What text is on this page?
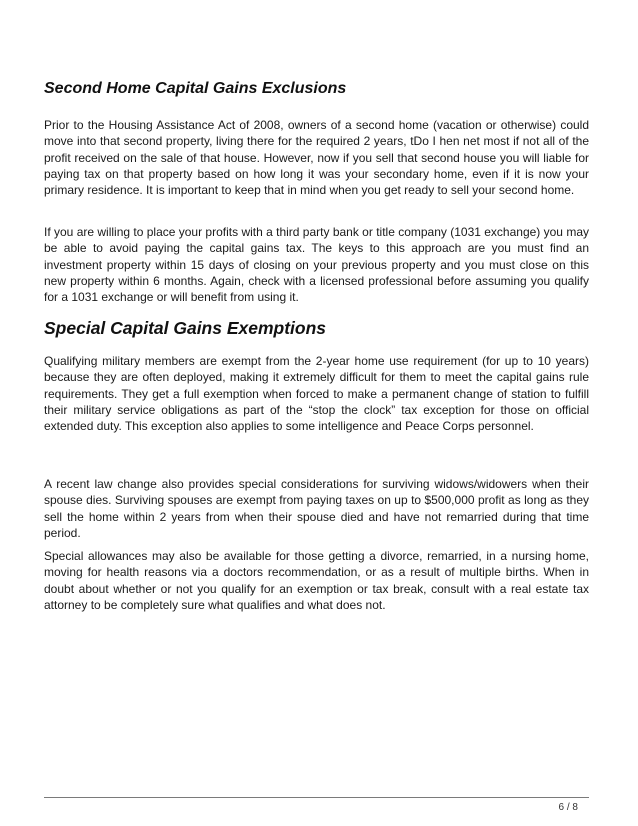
Second Home Capital Gains Exclusions

Prior to the Housing Assistance Act of 2008, owners of a second home (vacation or otherwise) could move into that second property, living there for the required 2 years, tDo I hen net most if not all of the profit received on the sale of that house. However, now if you sell that second house you will liable for paying tax on that property based on how long it was your secondary home, even if it is now your primary residence. It is important to keep that in mind when you get ready to sell your second home.

If you are willing to place your profits with a third party bank or title company (1031 exchange) you may be able to avoid paying the capital gains tax. The keys to this approach are you must find an investment property within 15 days of closing on your previous property and you must close on this new property within 6 months. Again, check with a licensed professional before assuming you qualify for a 1031 exchange or will benefit from using it.

Special Capital Gains Exemptions

Qualifying military members are exempt from the 2-year home use requirement (for up to 10 years) because they are often deployed, making it extremely difficult for them to meet the capital gains rule requirements. They get a full exemption when forced to make a permanent change of station to fulfill their military service obligations as part of the “stop the clock” tax exception for those on official extended duty. This exception also applies to some intelligence and Peace Corps personnel.

A recent law change also provides special considerations for surviving widows/widowers when their spouse dies. Surviving spouses are exempt from paying taxes on up to $500,000 profit as long as they sell the home within 2 years from when their spouse died and have not remarried during that time period.

Special allowances may also be available for those getting a divorce, remarried, in a nursing home, moving for health reasons via a doctors recommendation, or as a result of multiple births. When in doubt about whether or not you qualify for an exemption or tax break, consult with a real estate tax attorney to be completely sure what qualifies and what does not.

6 / 8
